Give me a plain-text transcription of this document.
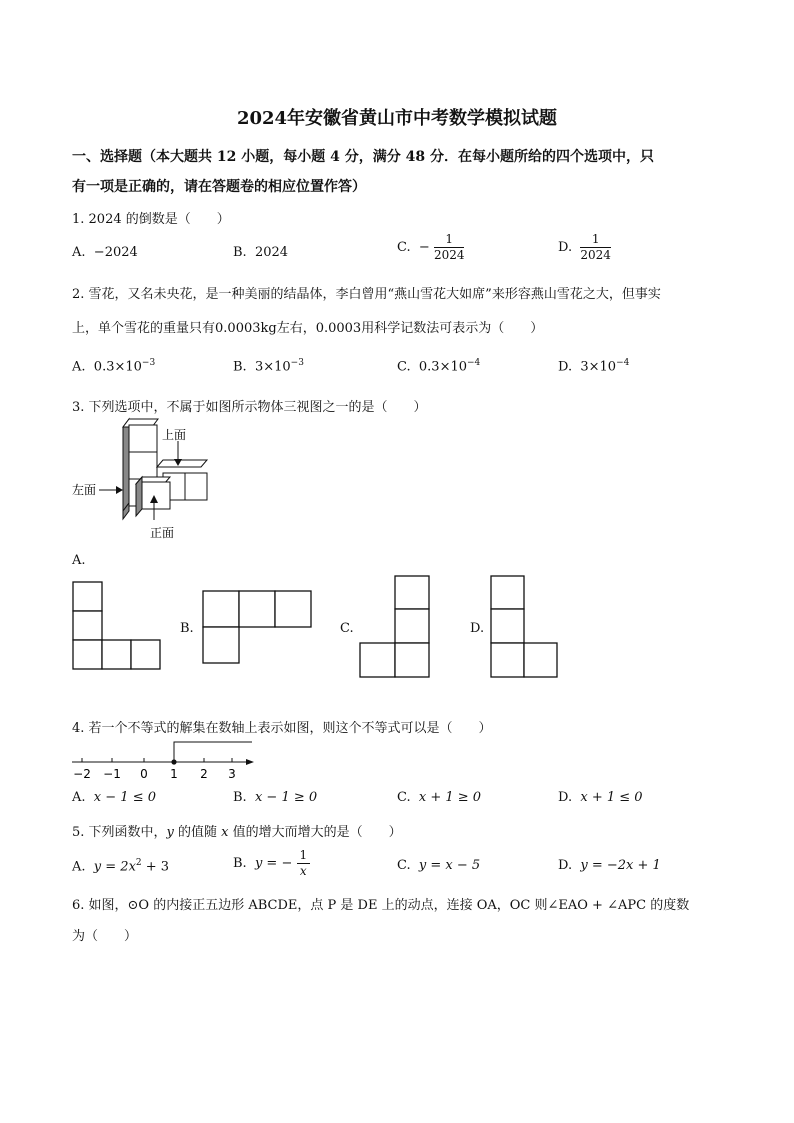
2024年安徽省黄山市中考数学模拟试题
一、选择题（本大题共 12 小题，每小题 4 分，满分 48 分．在每小题所给的四个选项中，只
有一项是正确的，请在答题卷的相应位置作答）
1. 2024 的倒数是（　　）
A. −2024	B. 2024	C. − $\frac{1}{2024}$	D. $\frac{1}{2024}$
2. 雪花，又名未央花，是一种美丽的结晶体，李白曾用“燕山雪花大如席”来形容燕山雪花之大，但事实
上，单个雪花的重量只有0.0003kg左右，0.0003用科学记数法可表示为（　　）
A. $0.3\times 10^{-3}$	B. $3\times 10^{-3}$	C. $0.3\times 10^{-4}$	D. $3\times 10^{-4}$
3. 下列选项中，不属于如图所示物体三视图之一的是（　　）
上面
左面
正面
A.
B.	C.	D.
4. 若一个不等式的解集在数轴上表示如图，则这个不等式可以是（　　）
−2 −1 0 1 2 3
A. x − 1 ≤ 0	B. x − 1 ≥ 0	C. x + 1 ≥ 0	D. x + 1 ≤ 0
5. 下列函数中，y 的值随 x 值的增大而增大的是（　　）
A. $y = 2x^2 + 3$	B. y = − $\frac{1}{x}$	C. y = x − 5	D. y = −2x + 1
6. 如图，⊙O 的内接正五边形 ABCDE，点 P 是 DE 上的动点，连接 OA，OC 则∠EAO + ∠APC 的度数
为（　　）
